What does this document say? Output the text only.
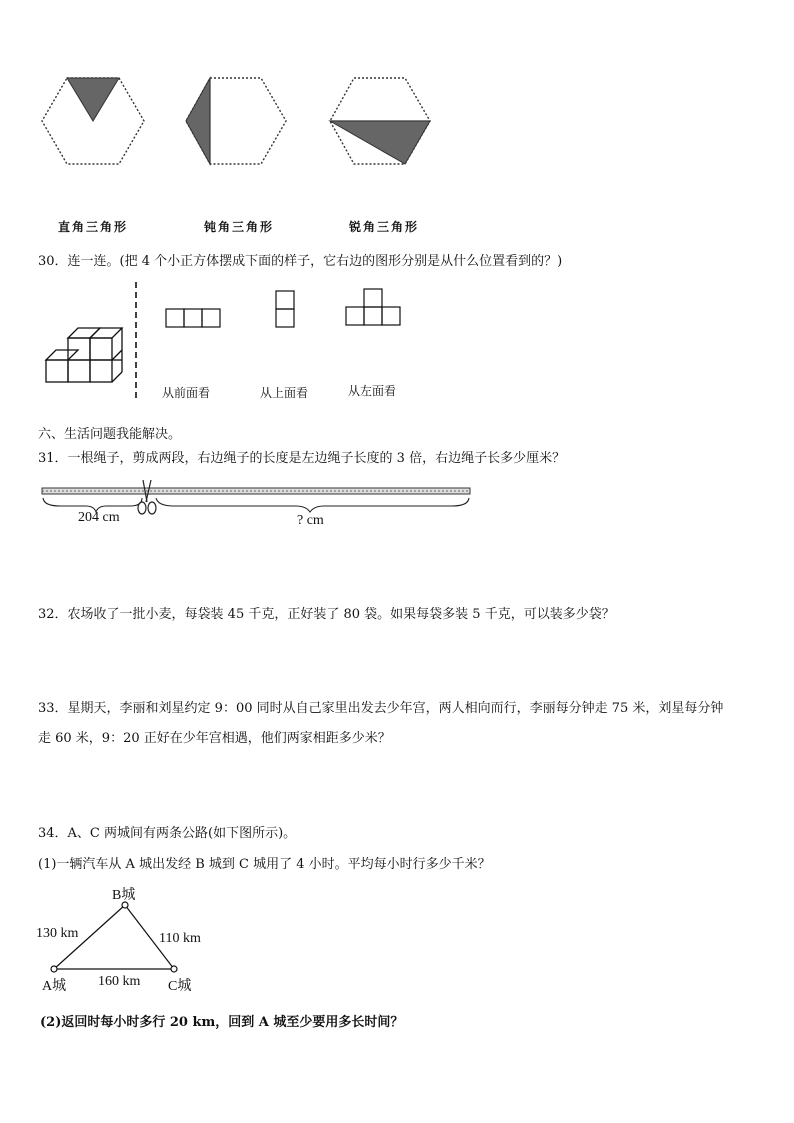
直角三角形	钝角三角形	锐角三角形
30．连一连。(把 4 个小正方体摆成下面的样子，它右边的图形分别是从什么位置看到的？)
从前面看	从上面看	从左面看
六、生活问题我能解决。
31．一根绳子，剪成两段，右边绳子的长度是左边绳子长度的 3 倍，右边绳子长多少厘米？
204 cm	? cm
32．农场收了一批小麦，每袋装 45 千克，正好装了 80 袋。如果每袋多装 5 千克，可以装多少袋？
33．星期天，李丽和刘星约定 9：00 同时从自己家里出发去少年宫，两人相向而行，李丽每分钟走 75 米，刘星每分钟
走 60 米，9：20 正好在少年宫相遇，他们两家相距多少米？
34．A、C 两城间有两条公路(如下图所示)。
(1)一辆汽车从 A 城出发经 B 城到 C 城用了 4 小时。平均每小时行多少千米？
B城
A城	C城
130 km	110 km
160 km
(2)返回时每小时多行 20 km，回到 A 城至少要用多长时间？
